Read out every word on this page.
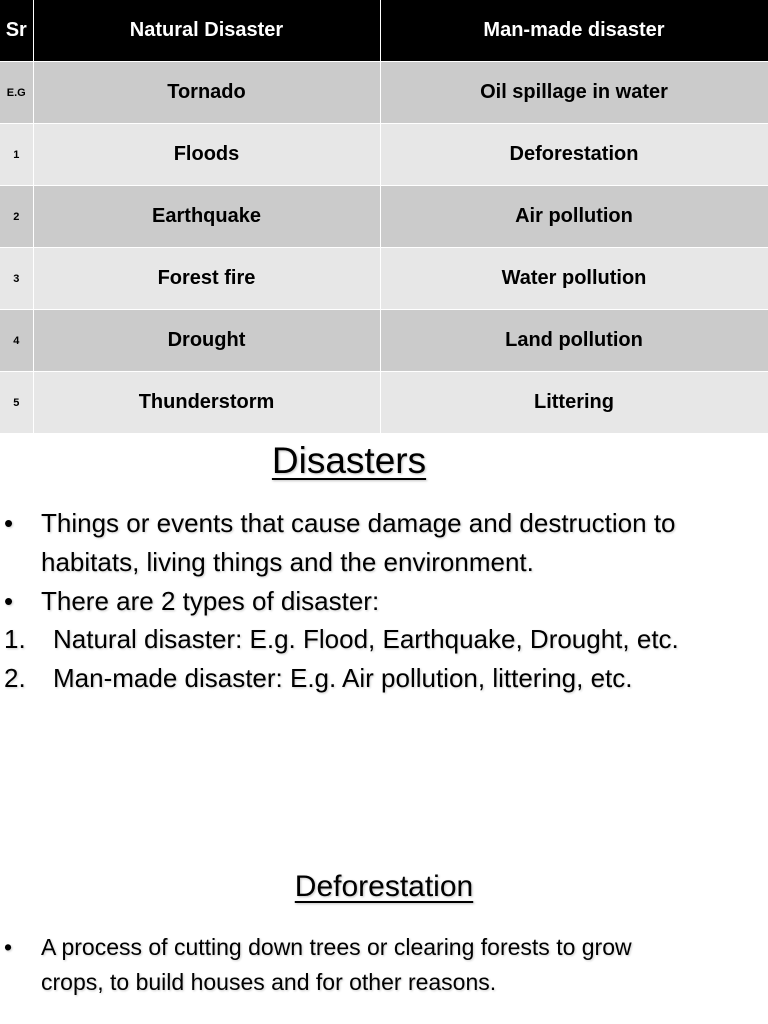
Sr	Natural Disaster	Man-made disaster
E.G	Tornado	Oil spillage in water
1	Floods	Deforestation
2	Earthquake	Air pollution
3	Forest fire	Water pollution
4	Drought	Land pollution
5	Thunderstorm	Littering
Disasters
• Things or events that cause damage and destruction to
habitats, living things and the environment.
• There are 2 types of disaster:
1. Natural disaster: E.g. Flood, Earthquake, Drought, etc.
2. Man-made disaster: E.g. Air pollution, littering, etc.
Deforestation
• A process of cutting down trees or clearing forests to grow
crops, to build houses and for other reasons.
